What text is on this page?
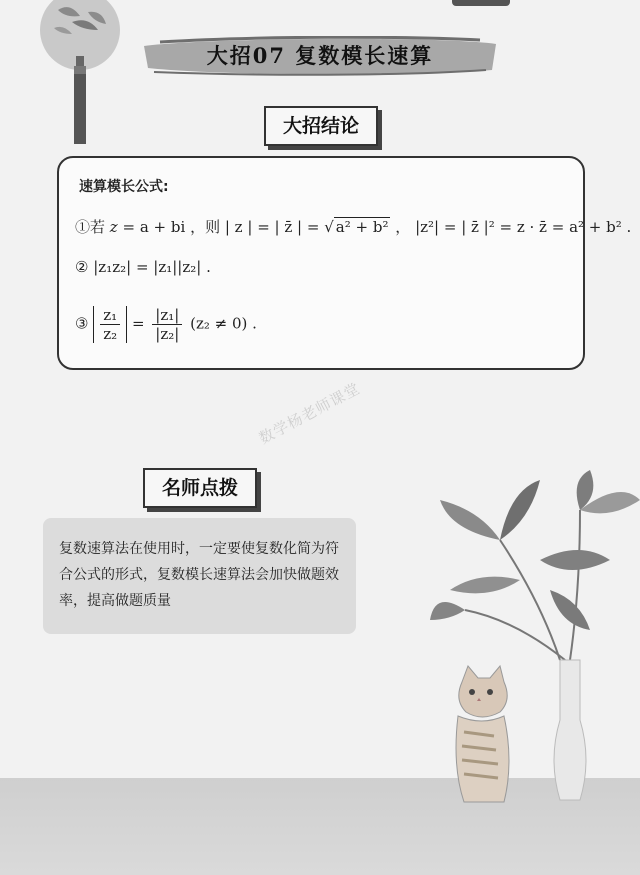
大招07 复数模长速算
大招结论
速算模长公式:
①若 z = a + bi ，则 | z | = | z̄ | = √ a² + b² ， |z²| = | z̄ |² = z · z̄ = a² + b² .
② |z₁z₂| = |z₁||z₂| .
③ $\frac{\text{z₁}}{\text{z₂}} = \frac{\text{|z₁|}}{\text{|z₂|}} (z_2 \ne 0)$ .
数学杨老师课堂
名师点拨
复数速算法在使用时，一定要使复数化简为符合公式的形式，复数模长速算法会加快做题效率，提高做题质量
